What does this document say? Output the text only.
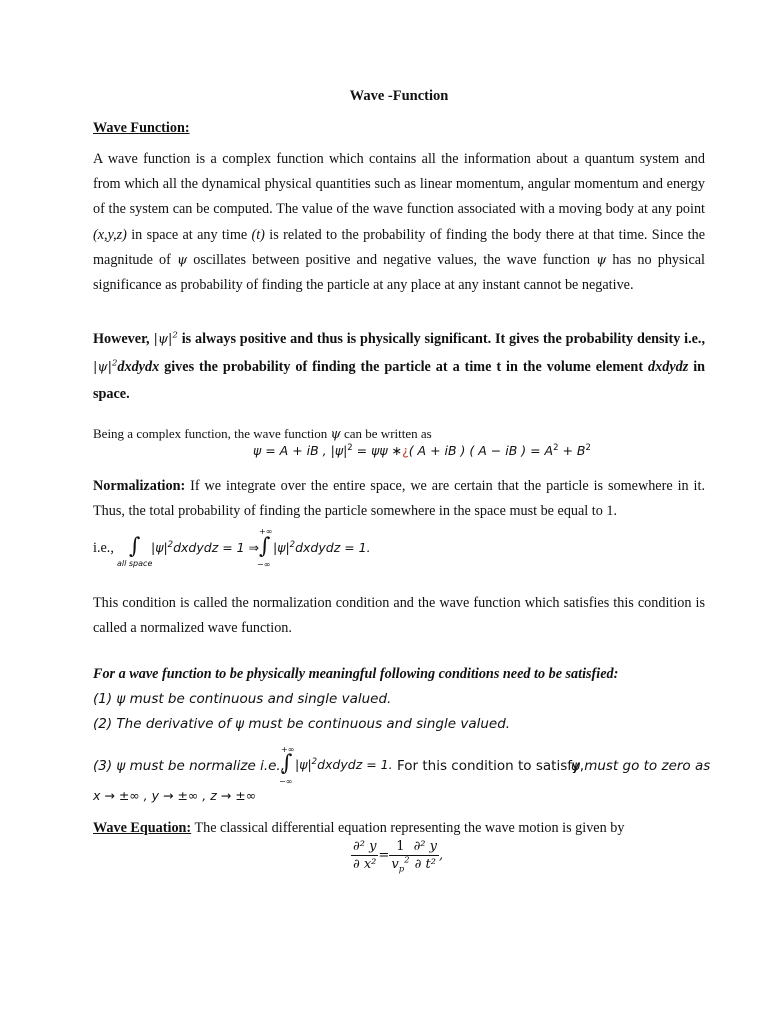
Wave -Function
Wave Function:
A wave function is a complex function which contains all the information about a quantum system and from which all the dynamical physical quantities such as linear momentum, angular momentum and energy of the system can be computed. The value of the wave function associated with a moving body at any point (x,y,z) in space at any time (t) is related to the probability of finding the body there at that time. Since the magnitude of ψ oscillates between positive and negative values, the wave function ψ has no physical significance as probability of finding the particle at any place at any instant cannot be negative.
However, $|\psi|^2$ is always positive and thus is physically significant. It gives the probability density i.e., $|\psi|^2dxdydx$ gives the probability of finding the particle at a time t in the volume element dxdydz in space.
Being a complex function, the wave function ψ can be written as
ψ = A + iB , $|\psi|^2 = \psi\psi$ ∗¿( A + iB ) ( A − iB ) = $A^2 + B^2$
Normalization: If we integrate over the entire space, we are certain that the particle is somewhere in it. Thus, the total probability of finding the particle somewhere in the space must be equal to 1.
i.e., ∫
all space
$|\psi|^2dxdydz = 1$ ⇒
+∞
∫
−∞
$|\psi|^2dxdydz = 1$.
This condition is called the normalization condition and the wave function which satisfies this condition is called a normalized wave function.
For a wave function to be physically meaningful following conditions need to be satisfied:
(1) ψ must be continuous and single valued.
(2) The derivative of ψ must be continuous and single valued.
(3) ψ must be normalize i.e.,
+∞
∫
−∞
$|\psi|^2dxdydz = 1$. For this condition to satisfy,
ψ must go to zero as
x → ±∞ , y → ±∞ , z → ±∞
Wave Equation: The classical differential equation representing the wave motion is given by
$\frac{\text{∂² y}}{\text{∂ x²}} = \frac{1}{v_p^2} \frac{\text{∂² y}}{\text{∂ t²}}$ ,
